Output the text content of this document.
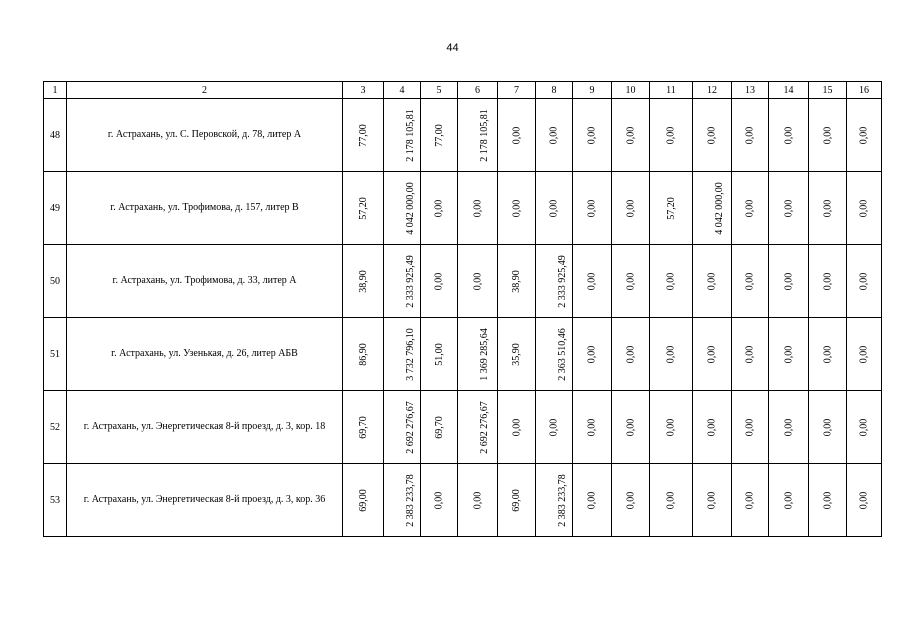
44
1	2	3	4	5	6	7	8	9	10	11	12	13	14	15	16
48	г. Астрахань, ул. С. Перовской, д. 78, литер А	77,00	2 178 105,81	77,00	2 178 105,81	0,00	0,00	0,00	0,00	0,00	0,00	0,00	0,00	0,00	0,00
49	г. Астрахань, ул. Трофимова, д. 157, литер В	57,20	4 042 000,00	0,00	0,00	0,00	0,00	0,00	0,00	57,20	4 042 000,00	0,00	0,00	0,00	0,00
50	г. Астрахань, ул. Трофимова, д. 33, литер А	38,90	2 333 925,49	0,00	0,00	38,90	2 333 925,49	0,00	0,00	0,00	0,00	0,00	0,00	0,00	0,00
51	г. Астрахань, ул. Узенькая, д. 26, литер АБВ	86,90	3 732 796,10	51,00	1 369 285,64	35,90	2 363 510,46	0,00	0,00	0,00	0,00	0,00	0,00	0,00	0,00
52	г. Астрахань, ул. Энергетическая 8-й проезд, д. 3, кор. 18	69,70	2 692 276,67	69,70	2 692 276,67	0,00	0,00	0,00	0,00	0,00	0,00	0,00	0,00	0,00	0,00
53	г. Астрахань, ул. Энергетическая 8-й проезд, д. 3, кор. 36	69,00	2 383 233,78	0,00	0,00	69,00	2 383 233,78	0,00	0,00	0,00	0,00	0,00	0,00	0,00	0,00
